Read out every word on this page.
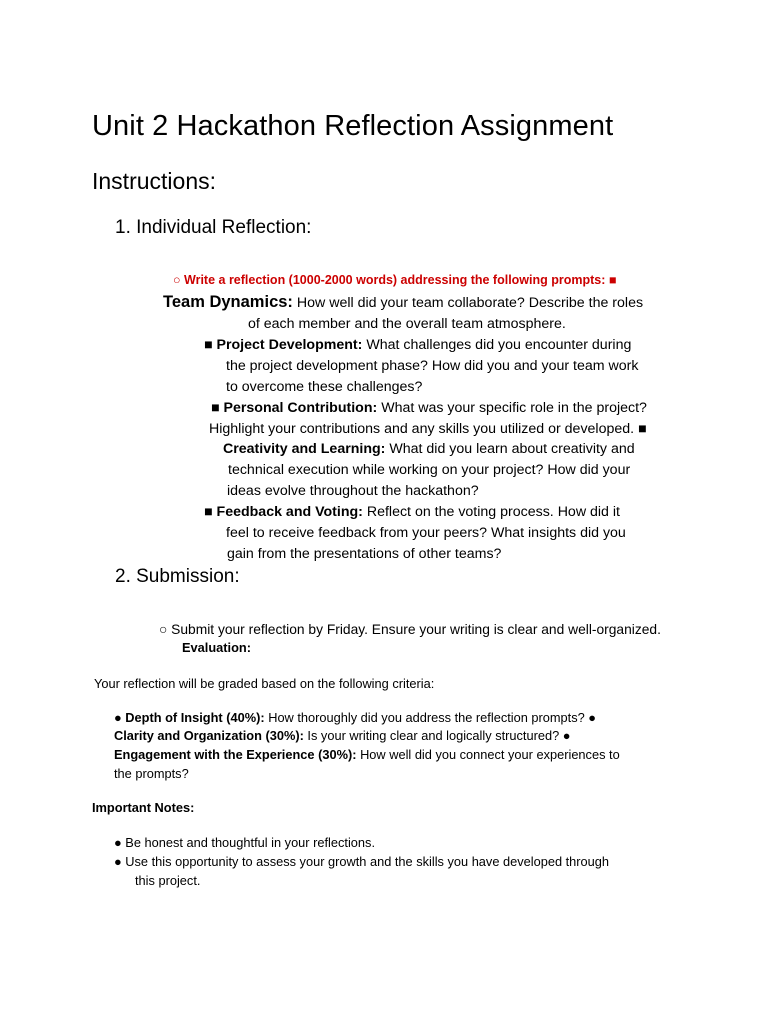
Unit 2 Hackathon Reflection Assignment
Instructions:
1. Individual Reflection:
○ Write a reflection (1000-2000 words) addressing the following prompts: ■
Team Dynamics: How well did your team collaborate? Describe the roles
of each member and the overall team atmosphere.
■ Project Development: What challenges did you encounter during
the project development phase? How did you and your team work
to overcome these challenges?
■ Personal Contribution: What was your specific role in the project?
Highlight your contributions and any skills you utilized or developed. ■
Creativity and Learning: What did you learn about creativity and
technical execution while working on your project? How did your
ideas evolve throughout the hackathon?
■ Feedback and Voting: Reflect on the voting process. How did it
feel to receive feedback from your peers? What insights did you
gain from the presentations of other teams?
2. Submission:
○ Submit your reflection by Friday. Ensure your writing is clear and well-organized.
Evaluation:
Your reflection will be graded based on the following criteria:
● Depth of Insight (40%): How thoroughly did you address the reflection prompts? ●
Clarity and Organization (30%): Is your writing clear and logically structured? ●
Engagement with the Experience (30%): How well did you connect your experiences to
the prompts?
Important Notes:
● Be honest and thoughtful in your reflections.
● Use this opportunity to assess your growth and the skills you have developed through
this project.
